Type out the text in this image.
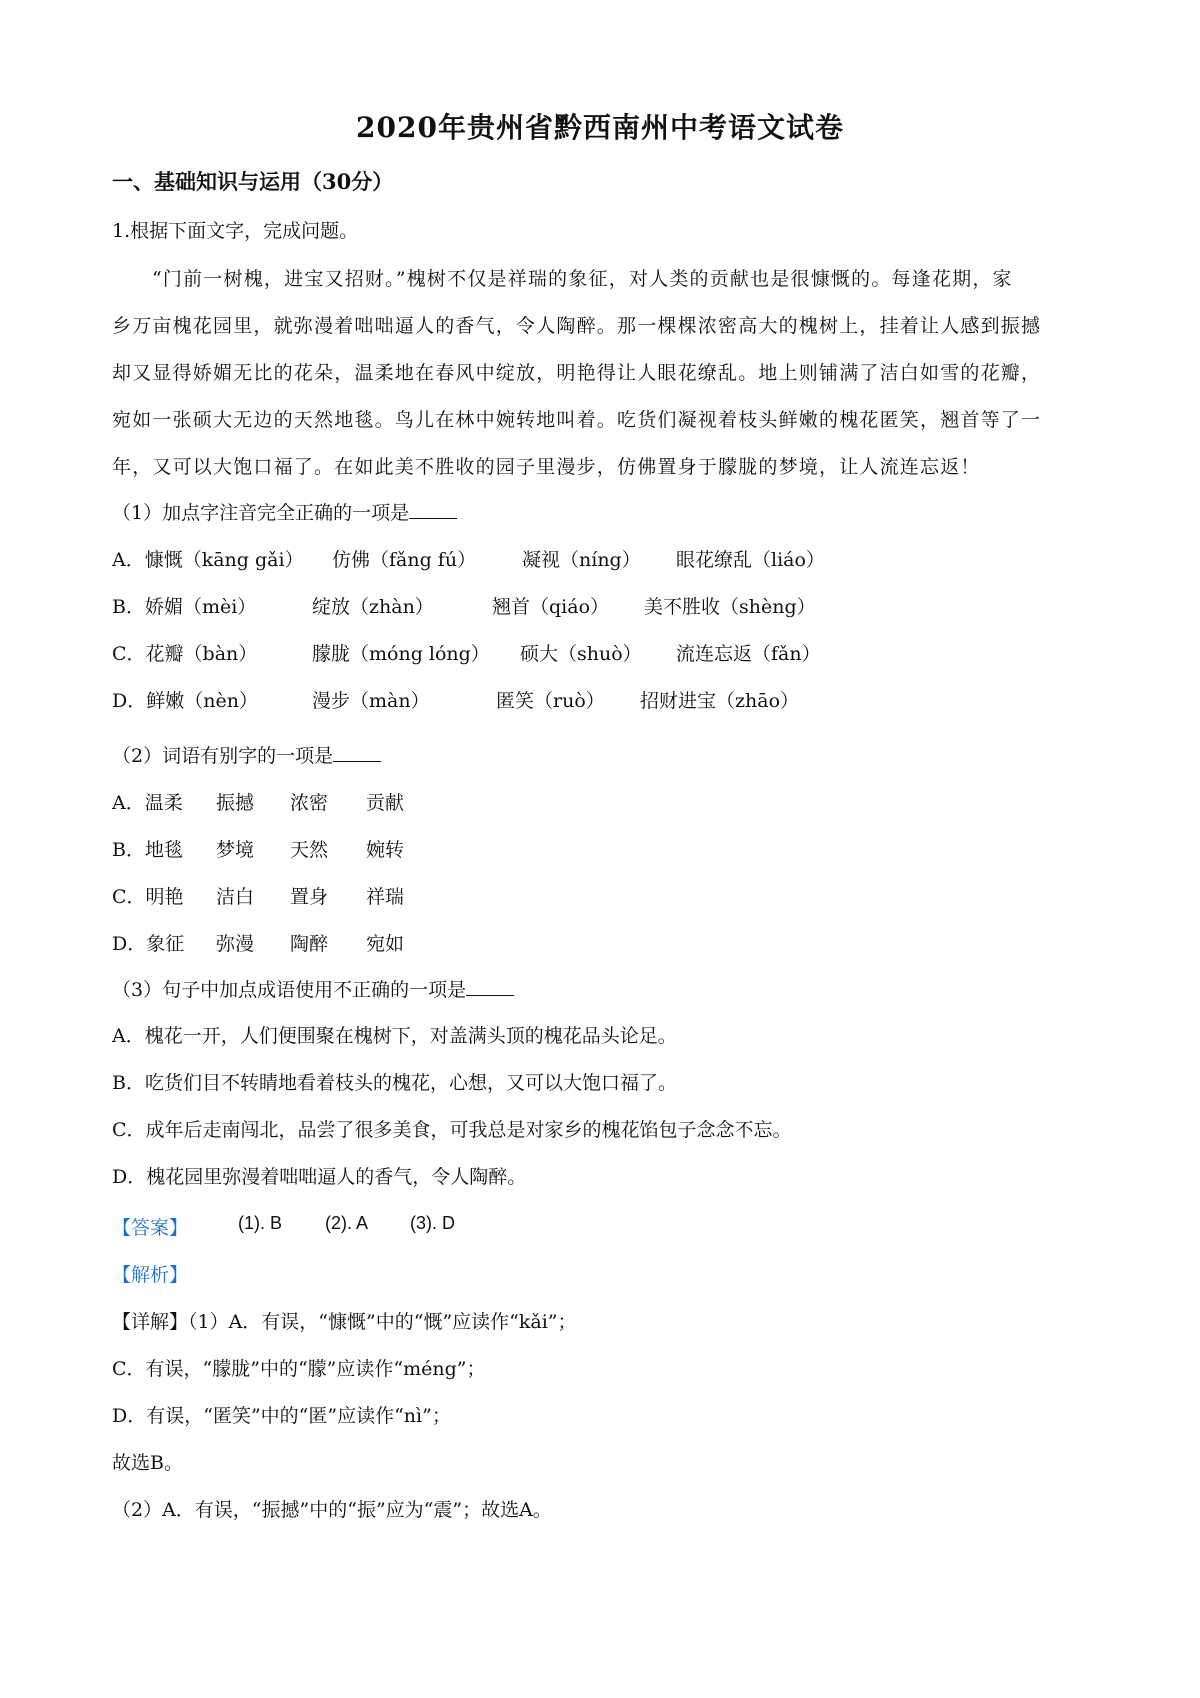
2020年贵州省黔西南州中考语文试卷
一、基础知识与运用（30分）
1.根据下面文字，完成问题。
“门前一树槐，进宝又招财。”槐树不仅是祥瑞的象征，对人类的贡献也是很慷慨的。每逢花期，家
乡万亩槐花园里，就弥漫着咄咄逼人的香气，令人陶醉。那一棵棵浓密高大的槐树上，挂着让人感到振撼
却又显得娇媚无比的花朵，温柔地在春风中绽放，明艳得让人眼花缭乱。地上则铺满了洁白如雪的花瓣，
宛如一张硕大无边的天然地毯。鸟儿在林中婉转地叫着。吃货们凝视着枝头鲜嫩的槐花匿笑，翘首等了一
年，又可以大饱口福了。在如此美不胜收的园子里漫步，仿佛置身于朦胧的梦境，让人流连忘返！
（1）加点字注音完全正确的一项是
A．慷慨（kāng gǎi） 仿佛（fǎng fú） 凝视（níng） 眼花缭乱（liáo）
B．娇媚（mèi）	绽放（zhàn）	翘首（qiáo） 美不胜收（shèng）
C．花瓣（bàn）	朦胧（móng lóng） 硕大（shuò） 流连忘返（fǎn）
D．鲜嫩（nèn）	漫步（màn）	匿笑（ruò） 招财进宝（zhāo）
（2）词语有别字的一项是
A．温柔 振撼 浓密 贡献
B．地毯 梦境 天然 婉转
C．明艳 洁白 置身 祥瑞
D．象征 弥漫 陶醉 宛如
（3）句子中加点成语使用不正确的一项是
A．槐花一开，人们便围聚在槐树下，对盖满头顶的槐花品头论足。
B．吃货们目不转睛地看着枝头的槐花，心想，又可以大饱口福了。
C．成年后走南闯北，品尝了很多美食，可我总是对家乡的槐花馅包子念念不忘。
D．槐花园里弥漫着咄咄逼人的香气，令人陶醉。
【答案】	(1). B (2). A (3). D
【解析】
【详解】（1）A．有误，“慷慨”中的“慨”应读作“kǎi”；
C．有误，“朦胧”中的“朦”应读作“méng”；
D．有误，“匿笑”中的“匿”应读作“nì”；
故选B。
（2）A．有误，“振撼”中的“振”应为“震”；故选A。
